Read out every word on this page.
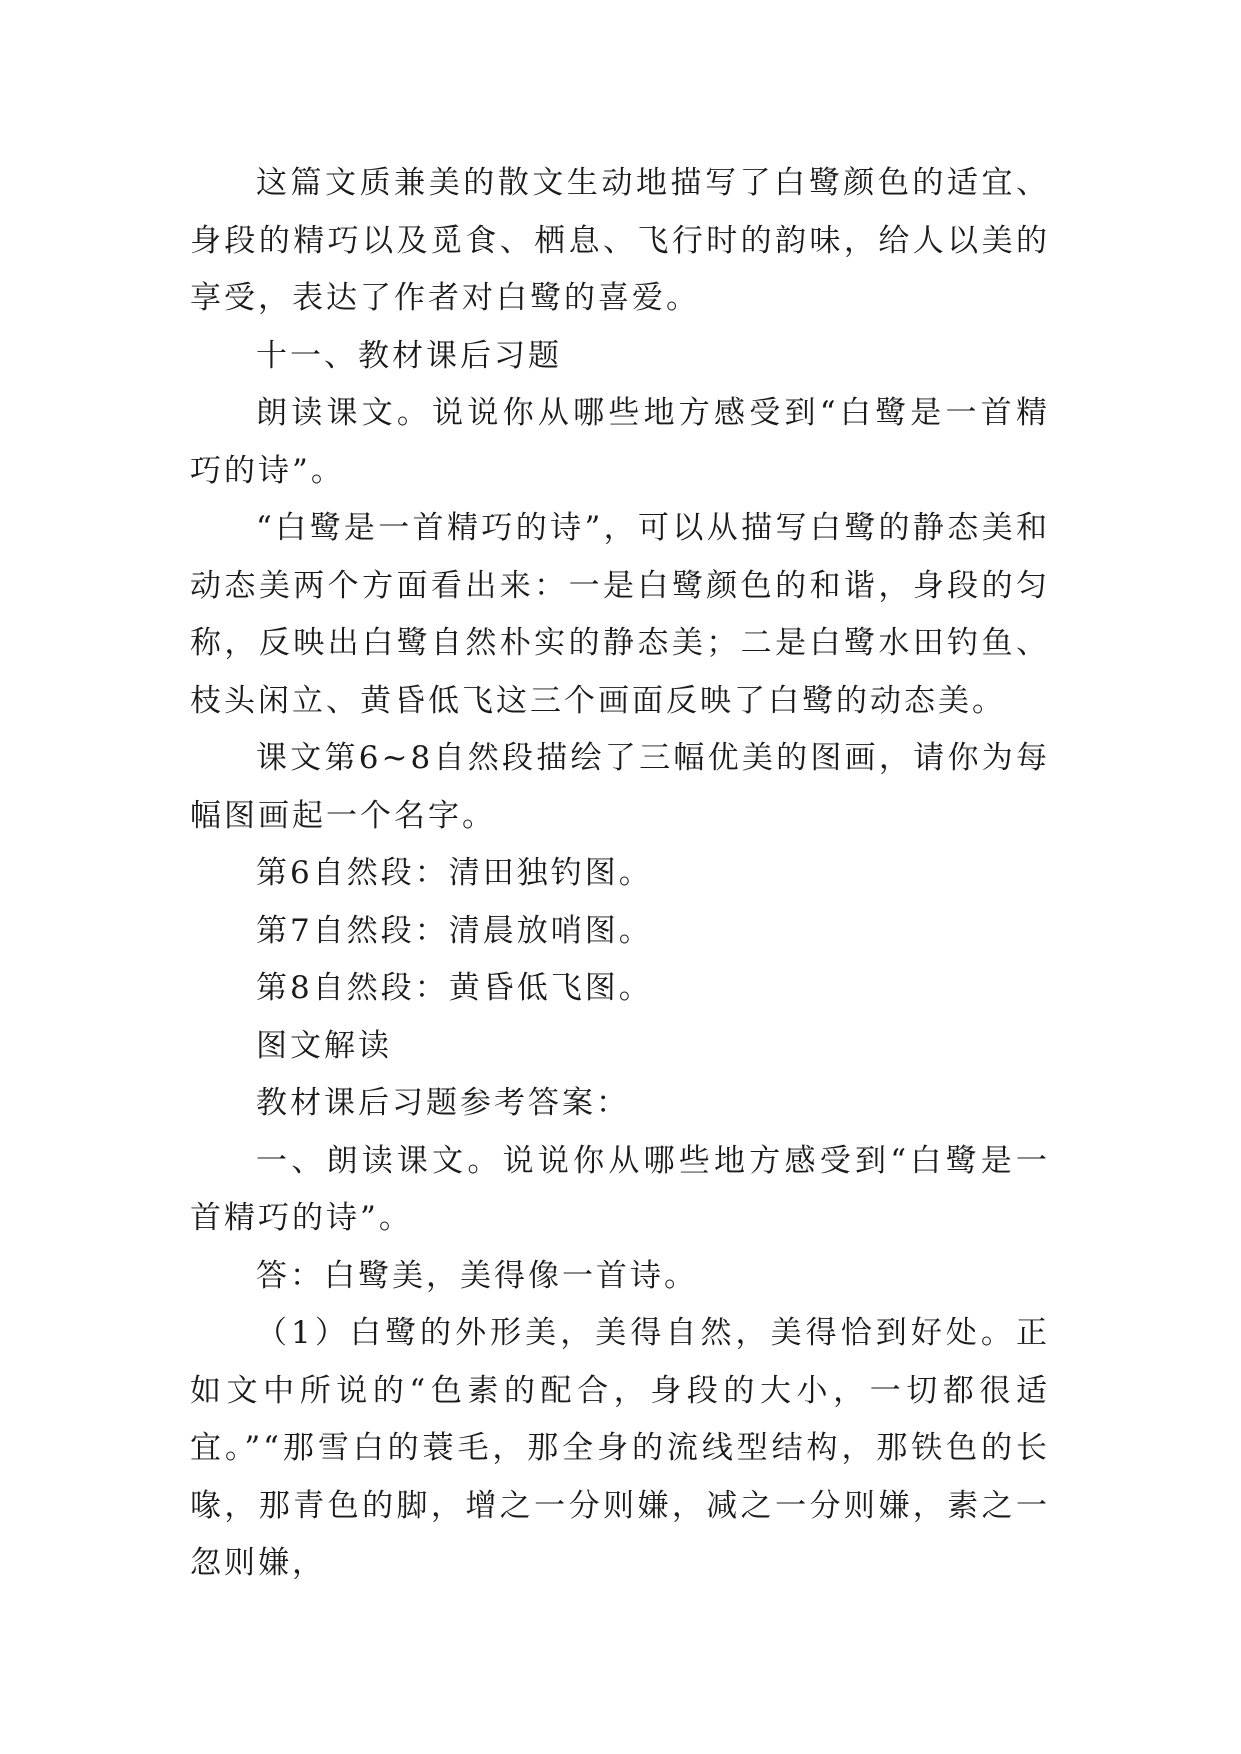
这篇文质兼美的散文生动地描写了白鹭颜色的适宜、身段的精巧以及觅食、栖息、飞行时的韵味，给人以美的享受，表达了作者对白鹭的喜爱。

十一、教材课后习题

朗读课文。说说你从哪些地方感受到“白鹭是一首精巧的诗”。

“白鹭是一首精巧的诗”，可以从描写白鹭的静态美和动态美两个方面看出来：一是白鹭颜色的和谐，身段的匀称，反映出白鹭自然朴实的静态美；二是白鹭水田钓鱼、枝头闲立、黄昏低飞这三个画面反映了白鹭的动态美。

课文第6~8自然段描绘了三幅优美的图画，请你为每幅图画起一个名字。

第6自然段：清田独钓图。

第7自然段：清晨放哨图。

第8自然段：黄昏低飞图。

图文解读

教材课后习题参考答案：

一、朗读课文。说说你从哪些地方感受到“白鹭是一首精巧的诗”。

答：白鹭美，美得像一首诗。

（1）白鹭的外形美，美得自然，美得恰到好处。正如文中所说的“色素的配合，身段的大小，一切都很适宜。”“那雪白的蓑毛，那全身的流线型结构，那铁色的长喙，那青色的脚，增之一分则嫌，减之一分则嫌，素之一忽则嫌，
